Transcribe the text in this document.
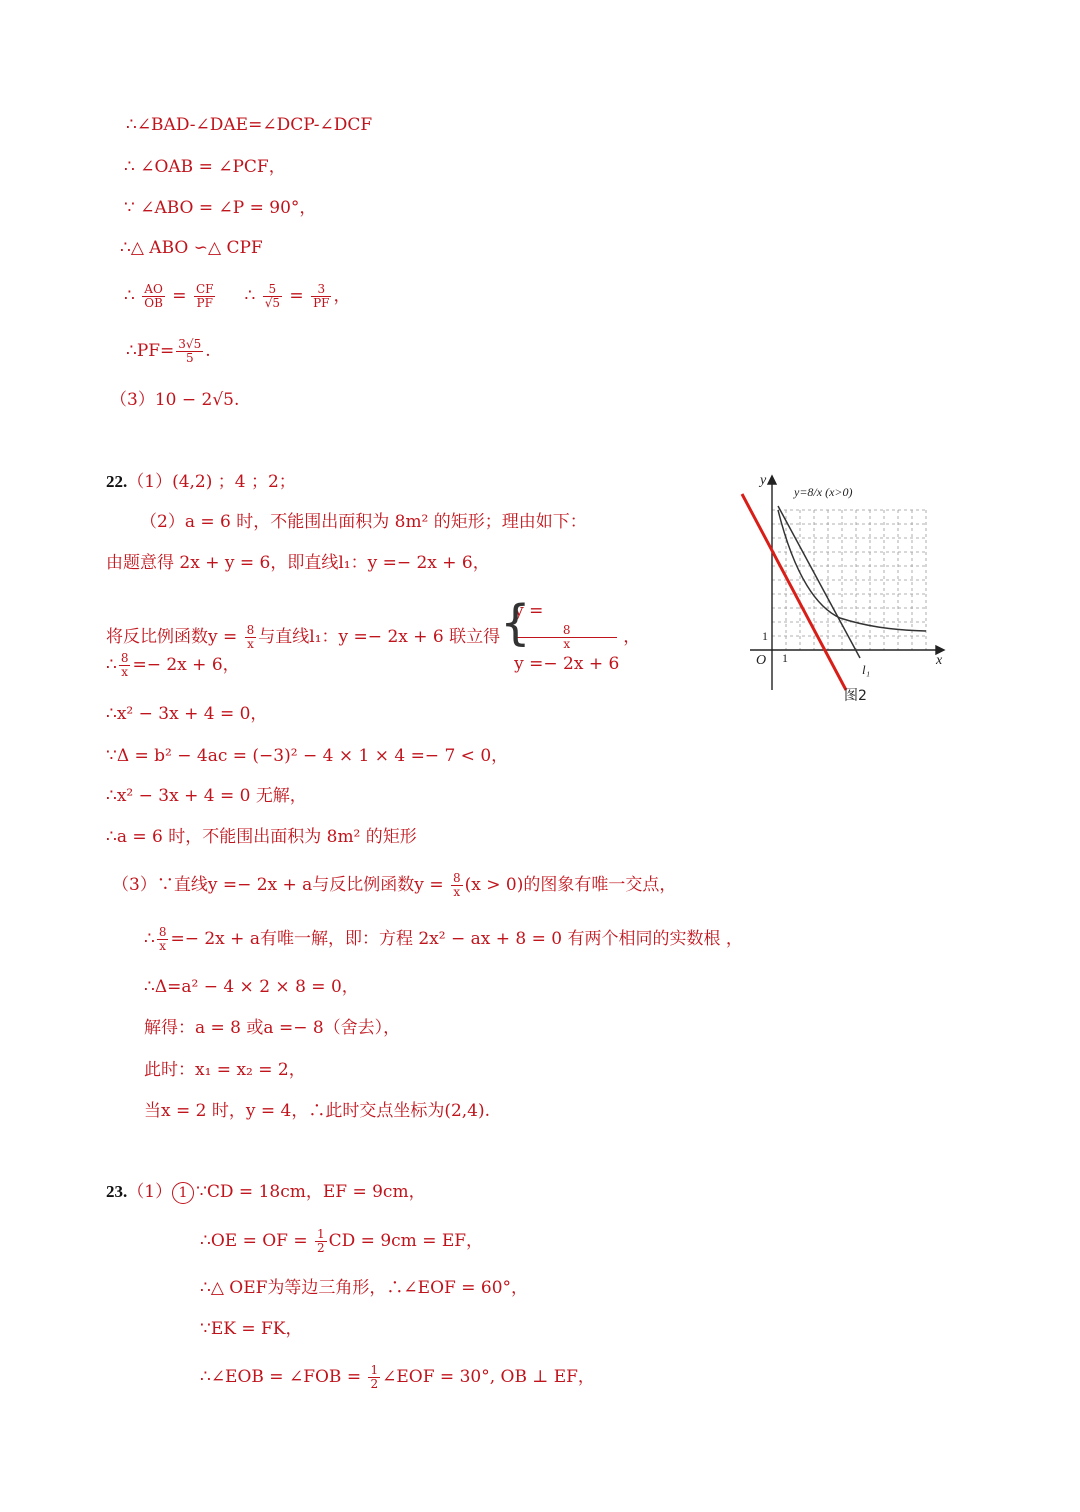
∴∠BAD-∠DAE=∠DCP-∠DCF
∴ ∠OAB = ∠PCF，
∵ ∠ABO = ∠P = 90°，
∴△ ABO ∽△ CPF
∴ $\frac{AO}{OB} = \frac{CF}{PF}$ ∴ $\frac{5}{√5} = \frac{3}{PF}$ ，
∴PF= $\frac{3√5}{5}$ .
（3）10 − 2√5.
22.（1）(4,2) ；4 ；2；
（2）a = 6 时，不能围出面积为 8m² 的矩形；理由如下：
由题意得 2x + y = 6，即直线l₁：y =− 2x + 6，
将反比例函数$y = \frac{8}{x}$ 与直线l₁：y =− 2x + 6 联立得
{ y =
8
x
y =− 2x + 6
，
∴ $\frac{8}{x} =- 2x + 6$，
∴x² − 3x + 4 = 0，
∵Δ = b² − 4ac = (−3)² − 4 × 1 × 4 =− 7 < 0，
∴x² − 3x + 4 = 0 无解，
∴a = 6 时，不能围出面积为 8m² 的矩形
（3）∵直线y =− 2x + a与反比例函数$y = \frac{8}{x} (x > 0)$的图象有唯一交点，
∴ $\frac{8}{x} =- 2x + a$有唯一解，即：方程 2x² − ax + 8 = 0 有两个相同的实数根 ，
∴Δ=a² − 4 × 2 × 8 = 0，
解得：a = 8 或a =− 8（舍去），
此时：x₁ = x₂ = 2，
当x = 2 时，y = 4，∴此时交点坐标为(2,4).
23.（1） 1 ∵CD = 18cm，EF = 9cm，
∴OE = OF = $\frac{1}{2}$ CD = 9cm = EF，
∴△ OEF为等边三角形，∴∠EOF = 60°，
∵EK = FK，
∴∠EOB = ∠FOB = $\frac{1}{2}$ ∠EOF = 30°, OB ⊥ EF，
y
x
O 1
1
y=8/x (x>0)
l₁
图2
